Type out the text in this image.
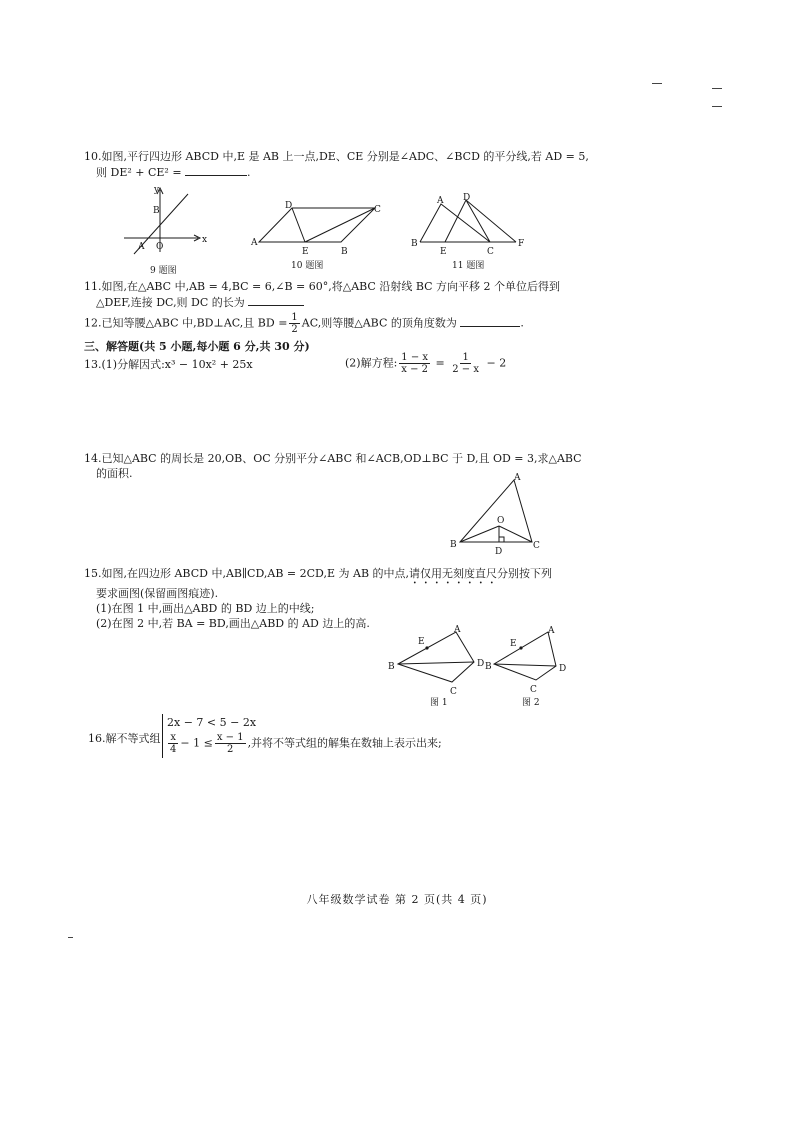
10.如图,平行四边形 ABCD 中,E 是 AB 上一点,DE、CE 分别是∠ADC、∠BCD 的平分线,若 AD = 5,
则 DE² + CE² =	.
y
B
x
A O
9 题图
D	C
A
E	B
10 题图
A D
B
E	C
F
11 题图
11.如图,在△ABC 中,AB = 4,BC = 6,∠B = 60°,将△ABC 沿射线 BC 方向平移 2 个单位后得到
△DEF,连接 DC,则 DC 的长为
12.已知等腰△ABC 中,BD⊥AC,且 BD = $\frac{1}{2}$ AC,则等腰△ABC 的顶角度数为	.
三、解答题(共 5 小题,每小题 6 分,共 30 分)
13.(1)分解因式:x³ − 10x² + 25x	(2)解方程: $\frac{1 - x}{x - 2} = \frac{1}{2 - x} - 2$
14.已知△ABC 的周长是 20,OB、OC 分别平分∠ABC 和∠ACB,OD⊥BC 于 D,且 OD = 3,求△ABC
的面积.	A
O
B
D
C
15.如图,在四边形 ABCD 中,AB∥CD,AB = 2CD,E 为 AB 的中点,请仅用无刻度直尺分别按下列
要求画图(保留画图痕迹).
(1)在图 1 中,画出△ABD 的 BD 边上的中线;
(2)在图 2 中,若 BA = BD,画出△ABD 的 AD 边上的高.
E
A
B	D
C
图 1
E
A
B	D
C
图 2
16.解不等式组
2x − 7 < 5 − 2x
$\frac{x}{4} - 1 \le \frac{x - 1}{2}$ ,并将不等式组的解集在数轴上表示出来;
八年级数学试卷 第 2 页(共 4 页)
